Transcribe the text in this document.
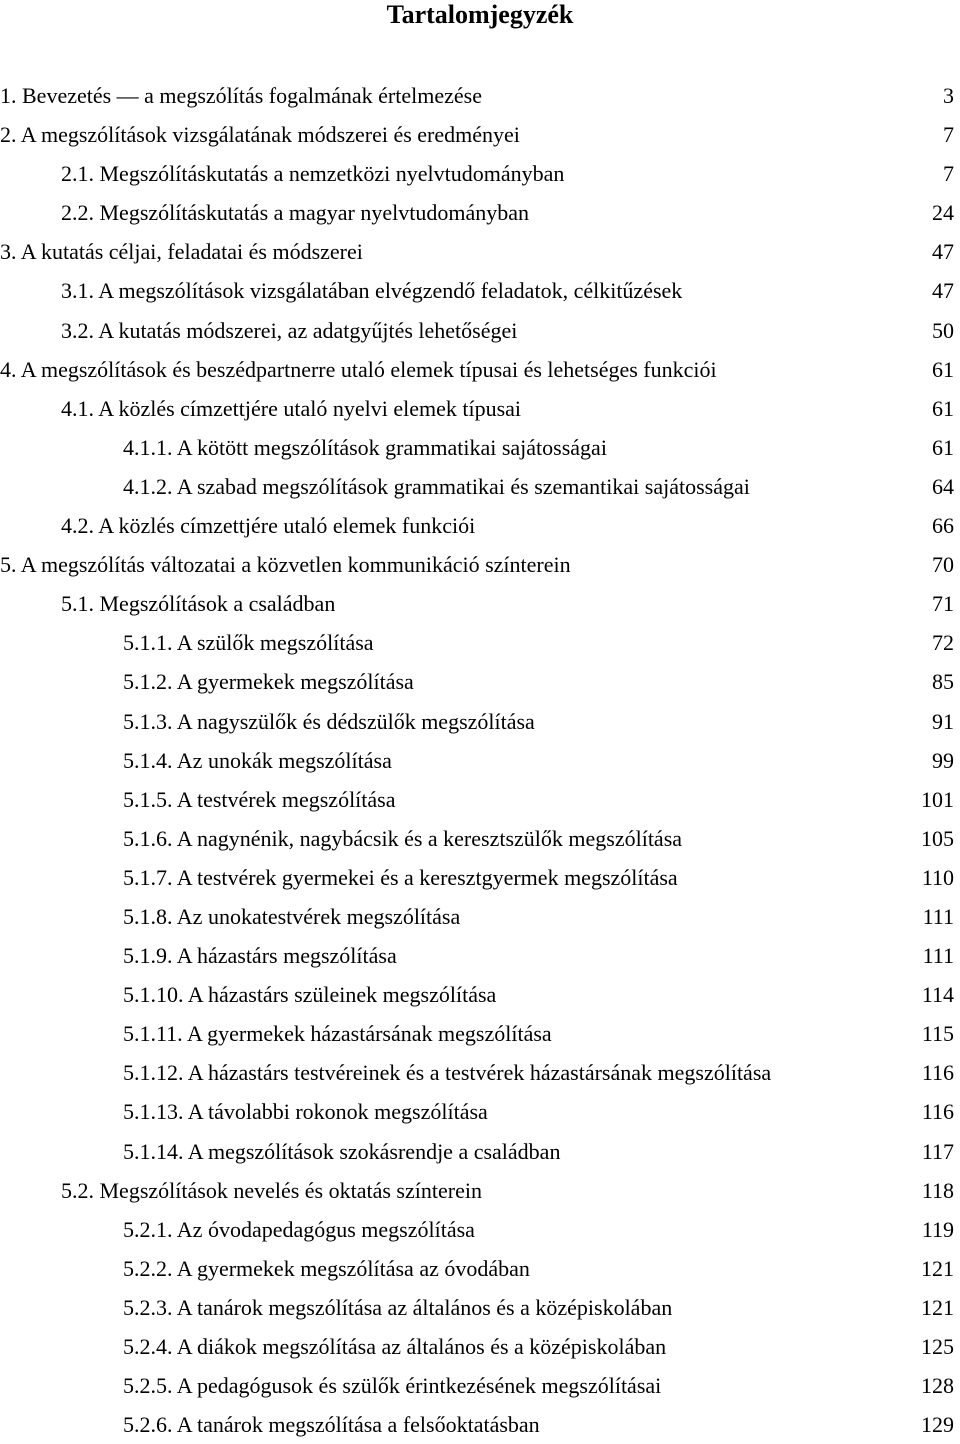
Tartalomjegyzék
1. Bevezetés — a megszólítás fogalmának értelmezése	3
2. A megszólítások vizsgálatának módszerei és eredményei	7
2.1. Megszólításkutatás a nemzetközi nyelvtudományban	7
2.2. Megszólításkutatás a magyar nyelvtudományban	24
3. A kutatás céljai, feladatai és módszerei	47
3.1. A megszólítások vizsgálatában elvégzendő feladatok, célkitűzések	47
3.2. A kutatás módszerei, az adatgyűjtés lehetőségei	50
4. A megszólítások és beszédpartnerre utaló elemek típusai és lehetséges funkciói	61
4.1. A közlés címzettjére utaló nyelvi elemek típusai	61
4.1.1. A kötött megszólítások grammatikai sajátosságai	61
4.1.2. A szabad megszólítások grammatikai és szemantikai sajátosságai	64
4.2. A közlés címzettjére utaló elemek funkciói	66
5. A megszólítás változatai a közvetlen kommunikáció színterein	70
5.1. Megszólítások a családban	71
5.1.1. A szülők megszólítása	72
5.1.2. A gyermekek megszólítása	85
5.1.3. A nagyszülők és dédszülők megszólítása	91
5.1.4. Az unokák megszólítása	99
5.1.5. A testvérek megszólítása	101
5.1.6. A nagynénik, nagybácsik és a keresztszülők megszólítása	105
5.1.7. A testvérek gyermekei és a keresztgyermek megszólítása	110
5.1.8. Az unokatestvérek megszólítása	111
5.1.9. A házastárs megszólítása	111
5.1.10. A házastárs szüleinek megszólítása	114
5.1.11. A gyermekek házastársának megszólítása	115
5.1.12. A házastárs testvéreinek és a testvérek házastársának megszólítása	116
5.1.13. A távolabbi rokonok megszólítása	116
5.1.14. A megszólítások szokásrendje a családban	117
5.2. Megszólítások nevelés és oktatás színterein	118
5.2.1. Az óvodapedagógus megszólítása	119
5.2.2. A gyermekek megszólítása az óvodában	121
5.2.3. A tanárok megszólítása az általános és a középiskolában	121
5.2.4. A diákok megszólítása az általános és a középiskolában	125
5.2.5. A pedagógusok és szülők érintkezésének megszólításai	128
5.2.6. A tanárok megszólítása a felsőoktatásban	129
